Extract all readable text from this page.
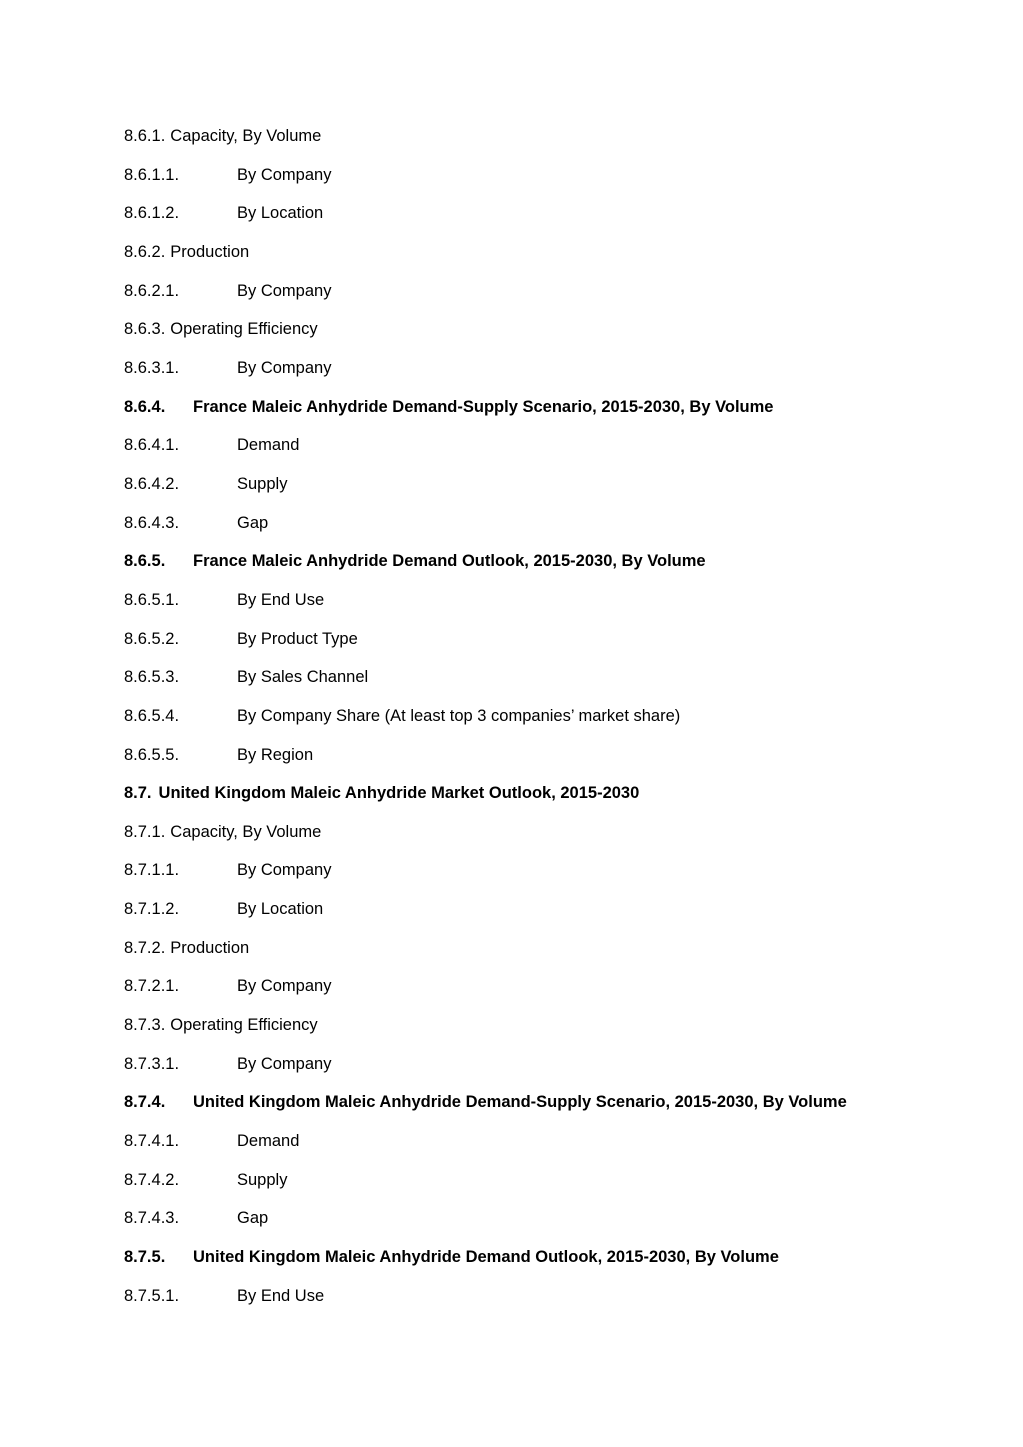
8.6.1. Capacity, By Volume
8.6.1.1.	By Company
8.6.1.2.	By Location
8.6.2. Production
8.6.2.1.	By Company
8.6.3. Operating Efficiency
8.6.3.1.	By Company
8.6.4. France Maleic Anhydride Demand-Supply Scenario, 2015-2030, By Volume
8.6.4.1.	Demand
8.6.4.2.	Supply
8.6.4.3.	Gap
8.6.5. France Maleic Anhydride Demand Outlook, 2015-2030, By Volume
8.6.5.1.	By End Use
8.6.5.2.	By Product Type
8.6.5.3.	By Sales Channel
8.6.5.4.	By Company Share (At least top 3 companies’ market share)
8.6.5.5.	By Region
8.7. United Kingdom Maleic Anhydride Market Outlook, 2015-2030
8.7.1. Capacity, By Volume
8.7.1.1.	By Company
8.7.1.2.	By Location
8.7.2. Production
8.7.2.1.	By Company
8.7.3. Operating Efficiency
8.7.3.1.	By Company
8.7.4. United Kingdom Maleic Anhydride Demand-Supply Scenario, 2015-2030, By Volume
8.7.4.1.	Demand
8.7.4.2.	Supply
8.7.4.3.	Gap
8.7.5. United Kingdom Maleic Anhydride Demand Outlook, 2015-2030, By Volume
8.7.5.1.	By End Use
